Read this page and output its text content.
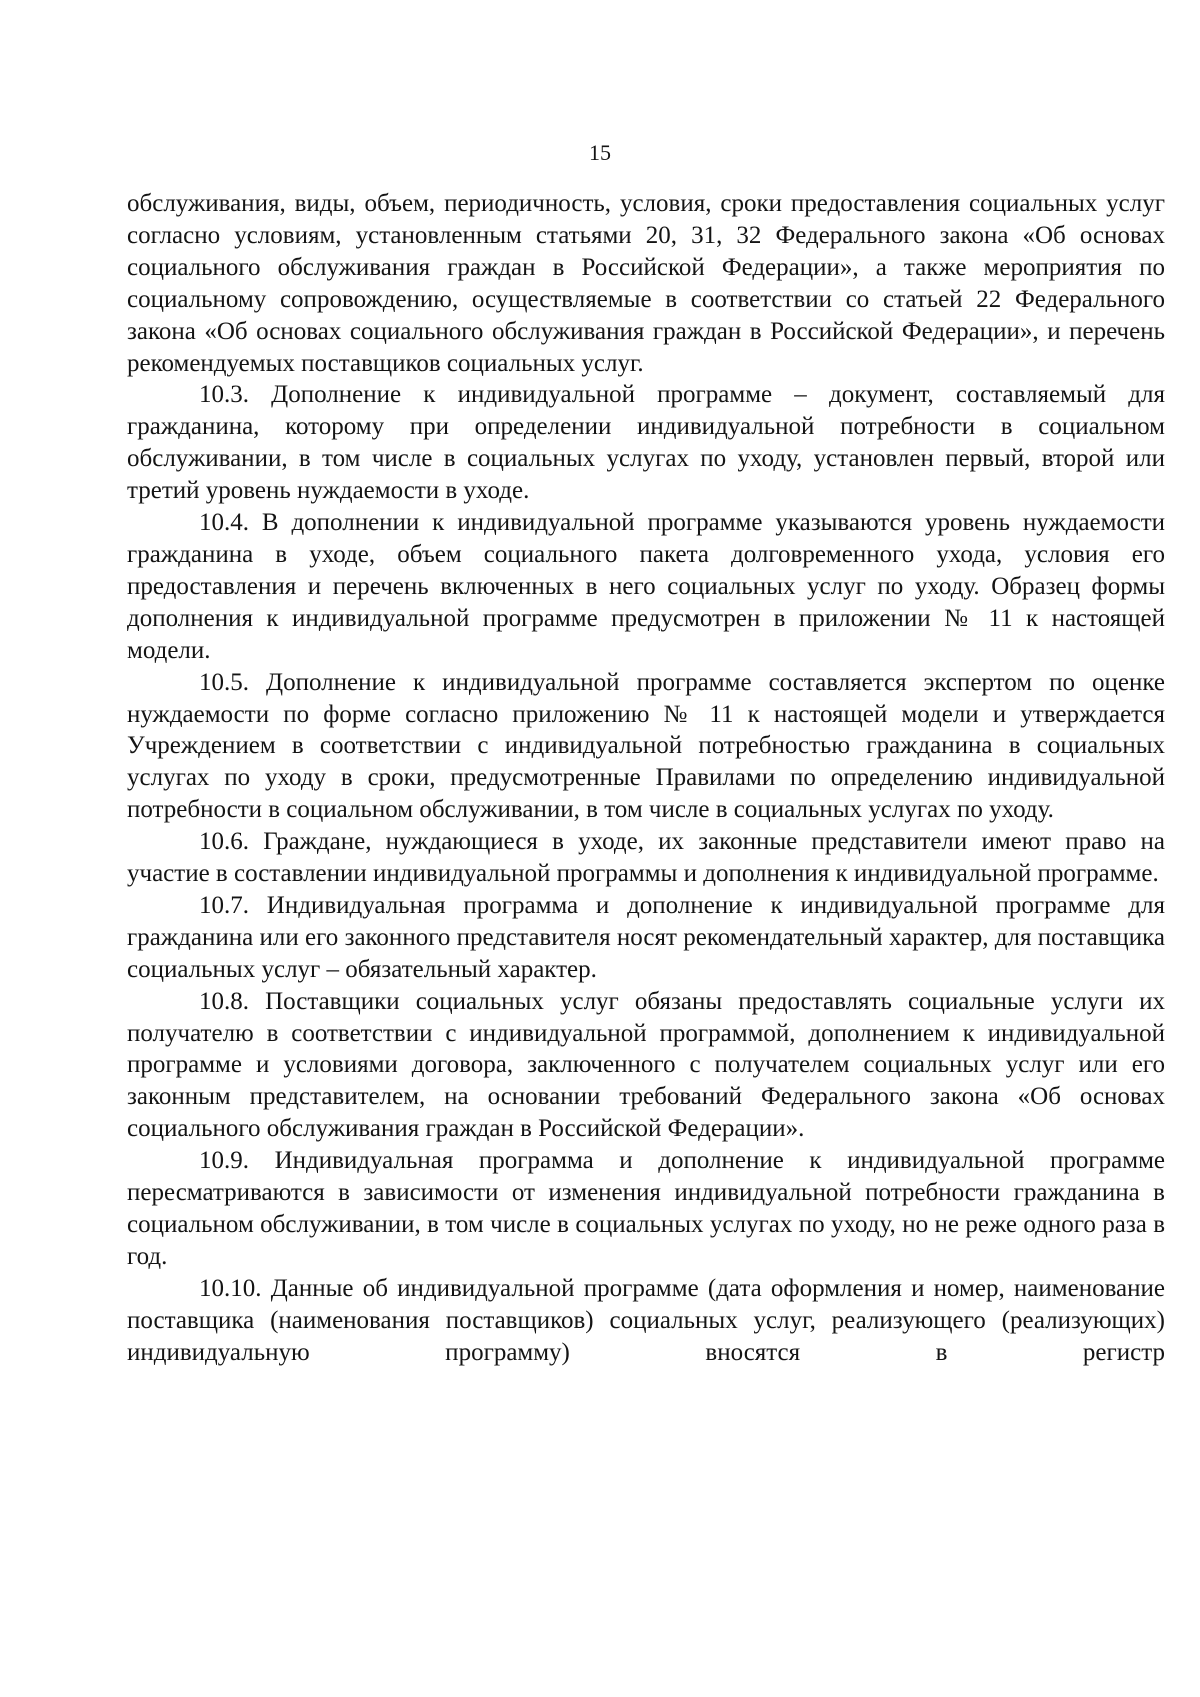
15

обслуживания, виды, объем, периодичность, условия, сроки предоставления социальных услуг согласно условиям, установленным статьями 20, 31, 32 Федерального закона «Об основах социального обслуживания граждан в Российской Федерации», а также мероприятия по социальному сопровождению, осуществляемые в соответствии со статьей 22 Федерального закона «Об основах социального обслуживания граждан в Российской Федерации», и перечень рекомендуемых поставщиков социальных услуг.

10.3. Дополнение к индивидуальной программе – документ, составляемый для гражданина, которому при определении индивидуальной потребности в социальном обслуживании, в том числе в социальных услугах по уходу, установлен первый, второй или третий уровень нуждаемости в уходе.

10.4. В дополнении к индивидуальной программе указываются уровень нуждаемости гражданина в уходе, объем социального пакета долговременного ухода, условия его предоставления и перечень включенных в него социальных услуг по уходу. Образец формы дополнения к индивидуальной программе предусмотрен в приложении № 11 к настоящей модели.

10.5. Дополнение к индивидуальной программе составляется экспертом по оценке нуждаемости по форме согласно приложению № 11 к настоящей модели и утверждается Учреждением в соответствии с индивидуальной потребностью гражданина в социальных услугах по уходу в сроки, предусмотренные Правилами по определению индивидуальной потребности в социальном обслуживании, в том числе в социальных услугах по уходу.

10.6. Граждане, нуждающиеся в уходе, их законные представители имеют право на участие в составлении индивидуальной программы и дополнения к индивидуальной программе.

10.7. Индивидуальная программа и дополнение к индивидуальной программе для гражданина или его законного представителя носят рекомендательный характер, для поставщика социальных услуг – обязательный характер.

10.8. Поставщики социальных услуг обязаны предоставлять социальные услуги их получателю в соответствии с индивидуальной программой, дополнением к индивидуальной программе и условиями договора, заключенного с получателем социальных услуг или его законным представителем, на основании требований Федерального закона «Об основах социального обслуживания граждан в Российской Федерации».

10.9. Индивидуальная программа и дополнение к индивидуальной программе пересматриваются в зависимости от изменения индивидуальной потребности гражданина в социальном обслуживании, в том числе в социальных услугах по уходу, но не реже одного раза в год.

10.10. Данные об индивидуальной программе (дата оформления и номер, наименование поставщика (наименования поставщиков) социальных услуг, реализующего (реализующих) индивидуальную программу) вносятся в регистр
